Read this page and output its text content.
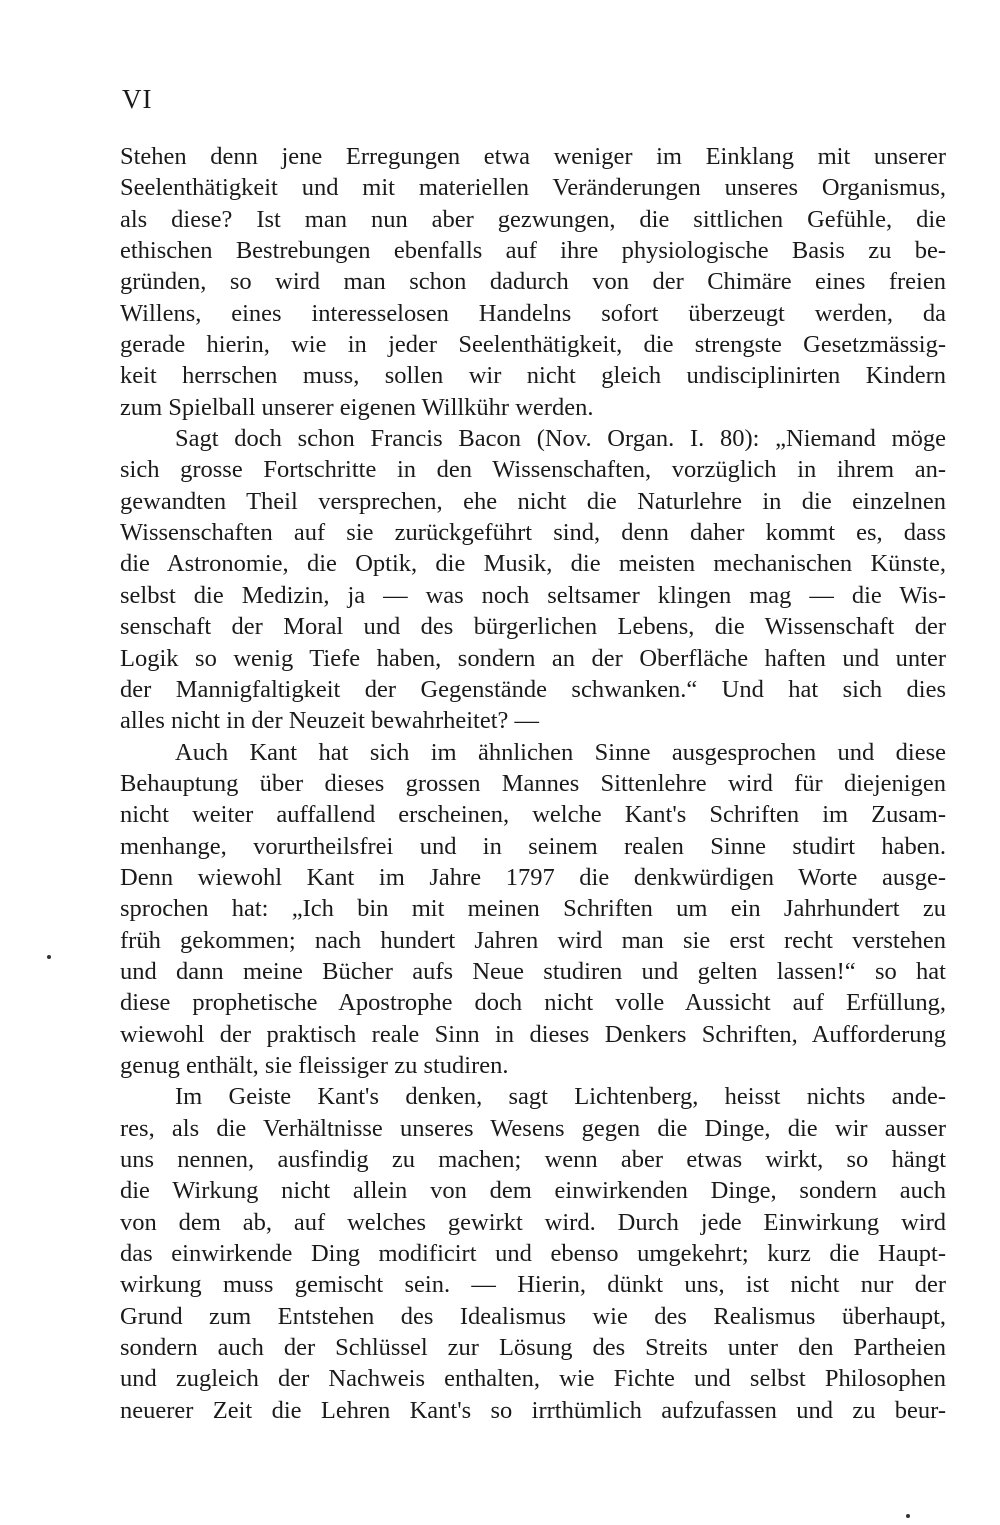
VI
Stehen denn jene Erregungen etwa weniger im Einklang mit unserer
Seelenthätigkeit und mit materiellen Veränderungen unseres Organismus,
als diese? Ist man nun aber gezwungen, die sittlichen Gefühle, die
ethischen Bestrebungen ebenfalls auf ihre physiologische Basis zu be-
gründen, so wird man schon dadurch von der Chimäre eines freien
Willens, eines interesselosen Handelns sofort überzeugt werden, da
gerade hierin, wie in jeder Seelenthätigkeit, die strengste Gesetzmässig-
keit herrschen muss, sollen wir nicht gleich undisciplinirten Kindern
zum Spielball unserer eigenen Willkühr werden.
Sagt doch schon Francis Bacon (Nov. Organ. I. 80): „Niemand möge
sich grosse Fortschritte in den Wissenschaften, vorzüglich in ihrem an-
gewandten Theil versprechen, ehe nicht die Naturlehre in die einzelnen
Wissenschaften auf sie zurückgeführt sind, denn daher kommt es, dass
die Astronomie, die Optik, die Musik, die meisten mechanischen Künste,
selbst die Medizin, ja — was noch seltsamer klingen mag — die Wis-
senschaft der Moral und des bürgerlichen Lebens, die Wissenschaft der
Logik so wenig Tiefe haben, sondern an der Oberfläche haften und unter
der Mannigfaltigkeit der Gegenstände schwanken.“ Und hat sich dies
alles nicht in der Neuzeit bewahrheitet? —
Auch Kant hat sich im ähnlichen Sinne ausgesprochen und diese
Behauptung über dieses grossen Mannes Sittenlehre wird für diejenigen
nicht weiter auffallend erscheinen, welche Kant's Schriften im Zusam-
menhange, vorurtheilsfrei und in seinem realen Sinne studirt haben.
Denn wiewohl Kant im Jahre 1797 die denkwürdigen Worte ausge-
sprochen hat: „Ich bin mit meinen Schriften um ein Jahrhundert zu
früh gekommen; nach hundert Jahren wird man sie erst recht verstehen
und dann meine Bücher aufs Neue studiren und gelten lassen!“ so hat
diese prophetische Apostrophe doch nicht volle Aussicht auf Erfüllung,
wiewohl der praktisch reale Sinn in dieses Denkers Schriften, Aufforderung
genug enthält, sie fleissiger zu studiren.
Im Geiste Kant's denken, sagt Lichtenberg, heisst nichts ande-
res, als die Verhältnisse unseres Wesens gegen die Dinge, die wir ausser
uns nennen, ausfindig zu machen; wenn aber etwas wirkt, so hängt
die Wirkung nicht allein von dem einwirkenden Dinge, sondern auch
von dem ab, auf welches gewirkt wird. Durch jede Einwirkung wird
das einwirkende Ding modificirt und ebenso umgekehrt; kurz die Haupt-
wirkung muss gemischt sein. — Hierin, dünkt uns, ist nicht nur der
Grund zum Entstehen des Idealismus wie des Realismus überhaupt,
sondern auch der Schlüssel zur Lösung des Streits unter den Partheien
und zugleich der Nachweis enthalten, wie Fichte und selbst Philosophen
neuerer Zeit die Lehren Kant's so irrthümlich aufzufassen und zu beur-
